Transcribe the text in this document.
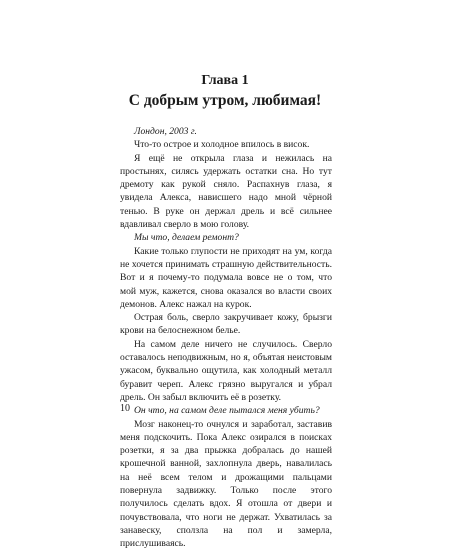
Глава 1
С добрым утром, любимая!

Лондон, 2003 г.

Что-то острое и холодное впилось в висок.

Я ещё не открыла глаза и нежилась на простынях, силясь удержать остатки сна. Но тут дремоту как рукой сняло. Распахнув глаза, я увидела Алекса, нависшего надо мной чёрной тенью. В руке он держал дрель и всё сильнее вдавливал сверло в мою голову.

Мы что, делаем ремонт?

Какие только глупости не приходят на ум, когда не хочется принимать страшную действительность. Вот и я почему-то подумала вовсе не о том, что мой муж, кажется, снова оказался во власти своих демонов. Алекс нажал на курок.

Острая боль, сверло закручивает кожу, брызги крови на белоснежном белье.

На самом деле ничего не случилось. Сверло оставалось неподвижным, но я, объятая неистовым ужасом, буквально ощутила, как холодный металл буравит череп. Алекс грязно выругался и убрал дрель. Он забыл включить её в розетку.

Он что, на самом деле пытался меня убить?

Мозг наконец-то очнулся и заработал, заставив меня подскочить. Пока Алекс озирался в поисках розетки, я за два прыжка добралась до нашей крошечной ванной, захлопнула дверь, навалилась на неё всем телом и дрожащими пальцами повернула задвижку. Только после этого получилось сделать вдох. Я отошла от двери и почувствовала, что ноги не держат. Ухватилась за занавеску, сползла на пол и замерла, прислушиваясь.

10
